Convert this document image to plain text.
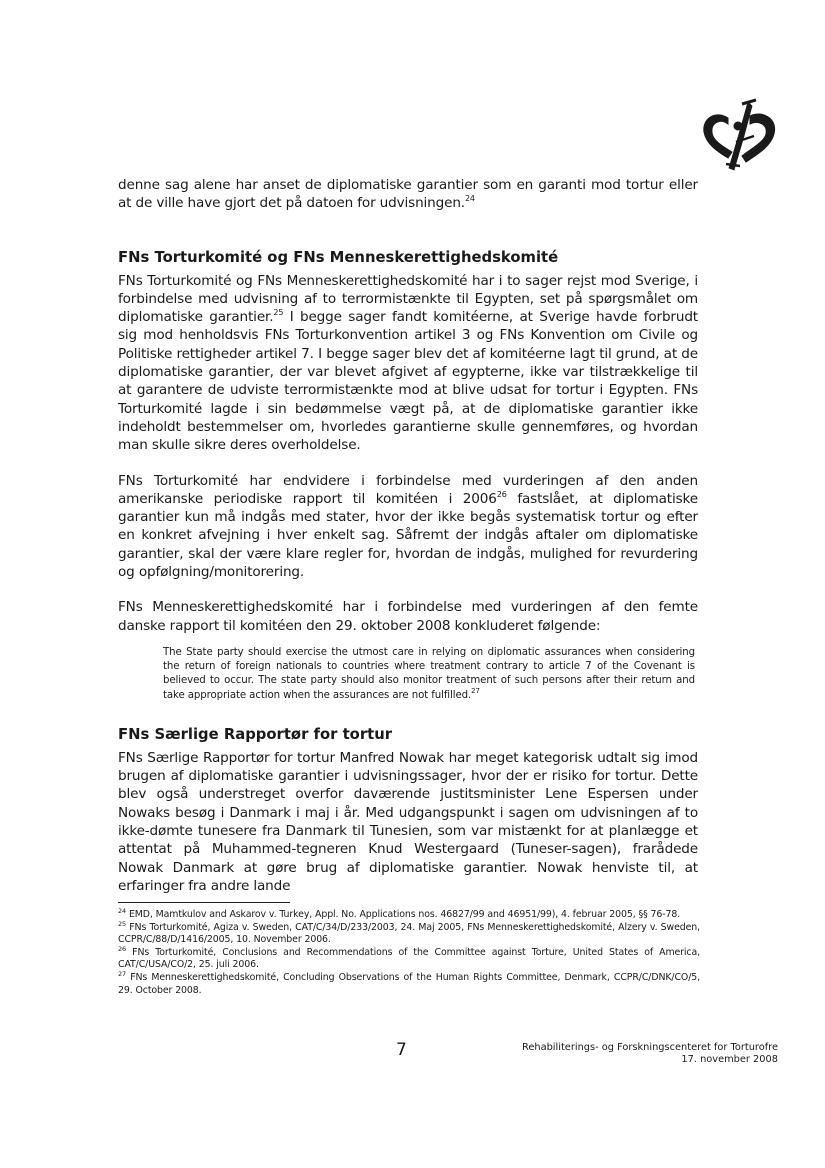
denne sag alene har anset de diplomatiske garantier som en garanti mod tortur eller at de ville have gjort det på datoen for udvisningen.$^{24}$

FNs Torturkomité og FNs Menneskerettighedskomité

FNs Torturkomité og FNs Menneskerettighedskomité har i to sager rejst mod Sverige, i forbindelse med udvisning af to terrormistænkte til Egypten, set på spørgsmålet om diplomatiske garantier.$^{25}$ I begge sager fandt komitéerne, at Sverige havde forbrudt sig mod henholdsvis FNs Torturkonvention artikel 3 og FNs Konvention om Civile og Politiske rettigheder artikel 7. I begge sager blev det af komitéerne lagt til grund, at de diplomatiske garantier, der var blevet afgivet af egypterne, ikke var tilstrækkelige til at garantere de udviste terrormistænkte mod at blive udsat for tortur i Egypten. FNs Torturkomité lagde i sin bedømmelse vægt på, at de diplomatiske garantier ikke indeholdt bestemmelser om, hvorledes garantierne skulle gennemføres, og hvordan man skulle sikre deres overholdelse.

FNs Torturkomité har endvidere i forbindelse med vurderingen af den anden amerikanske periodiske rapport til komitéen i 2006$^{26}$ fastslået, at diplomatiske garantier kun må indgås med stater, hvor der ikke begås systematisk tortur og efter en konkret afvejning i hver enkelt sag. Såfremt der indgås aftaler om diplomatiske garantier, skal der være klare regler for, hvordan de indgås, mulighed for revurdering og opfølgning/monitorering.

FNs Menneskerettighedskomité har i forbindelse med vurderingen af den femte danske rapport til komitéen den 29. oktober 2008 konkluderet følgende:

The State party should exercise the utmost care in relying on diplomatic assurances when considering the return of foreign nationals to countries where treatment contrary to article 7 of the Covenant is believed to occur. The state party should also monitor treatment of such persons after their return and take appropriate action when the assurances are not fulfilled.$^{27}$

FNs Særlige Rapportør for tortur

FNs Særlige Rapportør for tortur Manfred Nowak har meget kategorisk udtalt sig imod brugen af diplomatiske garantier i udvisningssager, hvor der er risiko for tortur. Dette blev også understreget overfor daværende justitsminister Lene Espersen under Nowaks besøg i Danmark i maj i år. Med udgangspunkt i sagen om udvisningen af to ikke-dømte tunesere fra Danmark til Tunesien, som var mistænkt for at planlægge et attentat på Muhammed-tegneren Knud Westergaard (Tuneser-sagen), frarådede Nowak Danmark at gøre brug af diplomatiske garantier. Nowak henviste til, at erfaringer fra andre lande

$^{24}$ EMD, Mamtkulov and Askarov v. Turkey, Appl. No. Applications nos. 46827/99 and 46951/99), 4. februar 2005, §§ 76-78.

$^{25}$ FNs Torturkomité, Agiza v. Sweden, CAT/C/34/D/233/2003, 24. Maj 2005, FNs Menneskerettighedskomité, Alzery v. Sweden, CCPR/C/88/D/1416/2005, 10. November 2006.

$^{26}$ FNs Torturkomité, Conclusions and Recommendations of the Committee against Torture, United States of America, CAT/C/USA/CO/2, 25. juli 2006.

$^{27}$ FNs Menneskerettighedskomité, Concluding Observations of the Human Rights Committee, Denmark, CCPR/C/DNK/CO/5, 29. October 2008.

7	Rehabiliterings- og Forskningscenteret for Torturofre
17. november 2008
